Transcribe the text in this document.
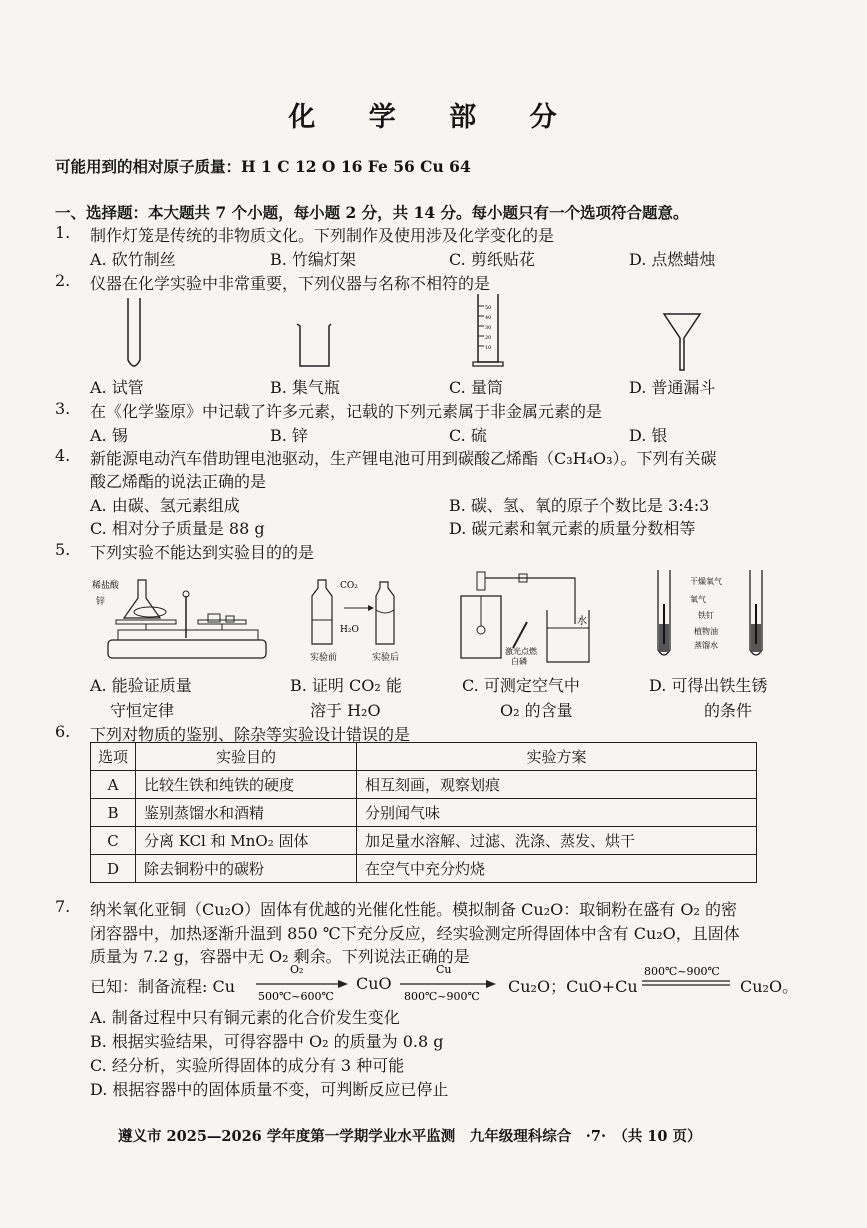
化 学 部 分
可能用到的相对原子质量：H 1 C 12 O 16 Fe 56 Cu 64
一、选择题：本大题共 7 个小题，每小题 2 分，共 14 分。每小题只有一个选项符合题意。
1. 制作灯笼是传统的非物质文化。下列制作及使用涉及化学变化的是
A. 砍竹制丝	B. 竹编灯架	C. 剪纸贴花	D. 点燃蜡烛
2. 仪器在化学实验中非常重要，下列仪器与名称不相符的是
50
40
30
20
10
A. 试管	B. 集气瓶	C. 量筒	D. 普通漏斗
3. 在《化学鉴原》中记载了许多元素，记载的下列元素属于非金属元素的是
A. 锡	B. 锌	C. 硫	D. 银
4. 新能源电动汽车借助锂电池驱动，生产锂电池可用到碳酸乙烯酯（C₃H₄O₃）。下列有关碳
酸乙烯酯的说法正确的是
A. 由碳、氢元素组成	B. 碳、氢、氧的原子个数比是 3:4:3
C. 相对分子质量是 88 g	D. 碳元素和氧元素的质量分数相等
5. 下列实验不能达到实验目的的是
稀盐酸
锌
CO₂
H₂O
实验前	实验后
水
激光点燃
白磷
干燥氧气
氧气
铁钉
植物油
蒸馏水
A. 能验证质量
守恒定律
B. 证明 CO₂ 能
溶于 H₂O
C. 可测定空气中
O₂ 的含量
D. 可得出铁生锈
的条件
6. 下列对物质的鉴别、除杂等实验设计错误的是
选项	实验目的	实验方案
A	比较生铁和纯铁的硬度	相互刻画，观察划痕
B	鉴别蒸馏水和酒精	分别闻气味
C	分离 KCl 和 MnO₂ 固体	加足量水溶解、过滤、洗涤、蒸发、烘干
D	除去铜粉中的碳粉	在空气中充分灼烧
7. 纳米氧化亚铜（Cu₂O）固体有优越的光催化性能。模拟制备 Cu₂O：取铜粉在盛有 O₂ 的密
闭容器中，加热逐渐升温到 850 ℃下充分反应，经实验测定所得固体中含有 Cu₂O，且固体
质量为 7.2 g，容器中无 O₂ 剩余。下列说法正确的是
已知：制备流程: Cu
O₂
500℃~600℃
CuO
Cu
800℃~900℃
Cu₂O；CuO+Cu
800℃~900℃
Cu₂O。
A. 制备过程中只有铜元素的化合价发生变化
B. 根据实验结果，可得容器中 O₂ 的质量为 0.8 g
C. 经分析，实验所得固体的成分有 3 种可能
D. 根据容器中的固体质量不变，可判断反应已停止
遵义市 2025—2026 学年度第一学期学业水平监测　九年级理科综合　·7·　（共 10 页）
